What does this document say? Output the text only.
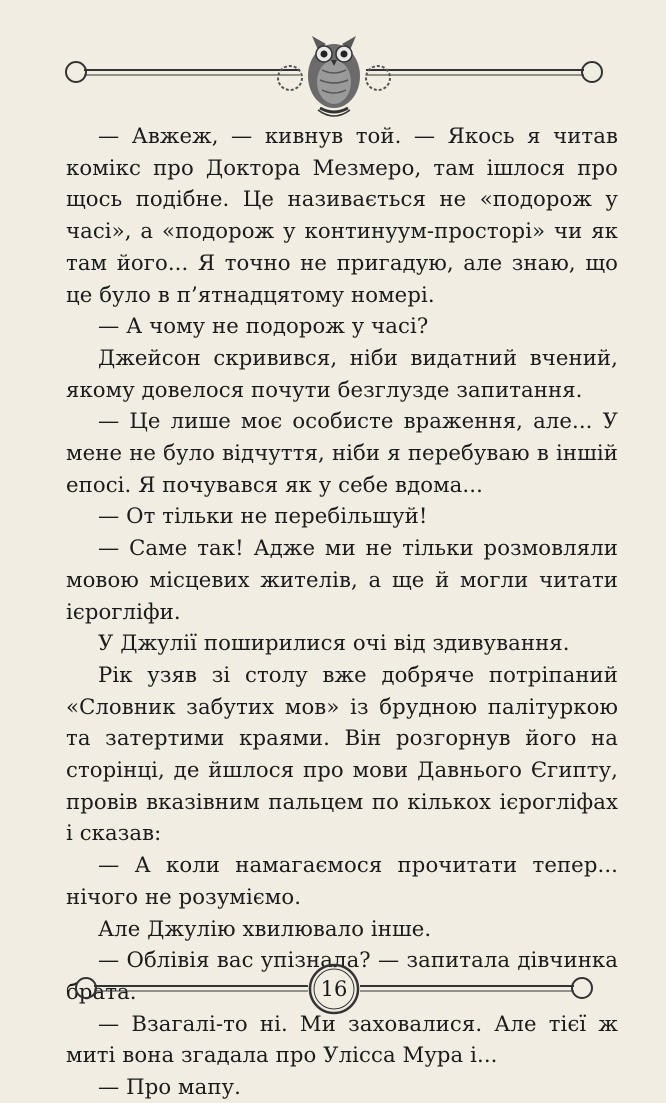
— Авжеж, — кивнув той. — Якось я читав комікс про Доктора Мезмеро, там ішлося про щось подібне. Це називається не «подорож у часі», а «подорож у континуум-просторі» чи як там його... Я точно не пригадую, але знаю, що це було в п’ятнадцятому номері.

— А чому не подорож у часі?

Джейсон скривився, ніби видатний вчений, якому довелося почути безглузде запитання.

— Це лише моє особисте враження, але... У мене не було відчуття, ніби я перебуваю в іншій епосі. Я почувався як у себе вдома...

— От тільки не перебільшуй!

— Саме так! Адже ми не тільки розмовляли мовою місцевих жителів, а ще й могли читати ієрогліфи.

У Джулії поширилися очі від здивування.

Рік узяв зі столу вже добряче потріпаний «Словник забутих мов» із брудною палітуркою та затертими краями. Він розгорнув його на сторінці, де йшлося про мови Давнього Єгипту, провів вказівним пальцем по кількох ієрогліфах і сказав:

— А коли намагаємося прочитати тепер... нічого не розуміємо.

Але Джулію хвилювало інше.

— Облівія вас упізнала? — запитала дівчинка брата.

— Взагалі-то ні. Ми заховалися. Але тієї ж миті вона згадала про Улісса Мура і...

— Про мапу.

16
